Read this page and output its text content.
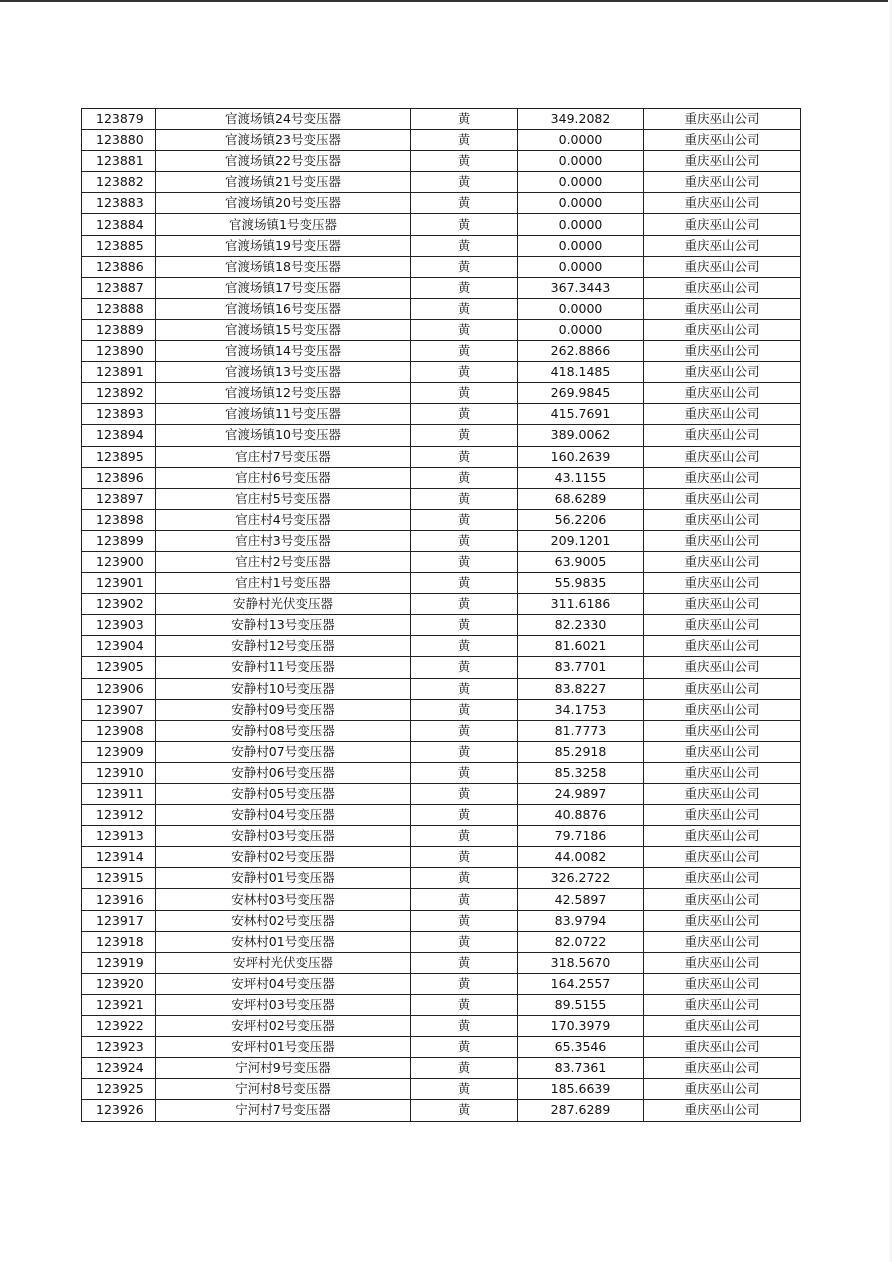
123879	官渡场镇24号变压器	黄	349.2082	重庆巫山公司
123880	官渡场镇23号变压器	黄	0.0000	重庆巫山公司
123881	官渡场镇22号变压器	黄	0.0000	重庆巫山公司
123882	官渡场镇21号变压器	黄	0.0000	重庆巫山公司
123883	官渡场镇20号变压器	黄	0.0000	重庆巫山公司
123884	官渡场镇1号变压器	黄	0.0000	重庆巫山公司
123885	官渡场镇19号变压器	黄	0.0000	重庆巫山公司
123886	官渡场镇18号变压器	黄	0.0000	重庆巫山公司
123887	官渡场镇17号变压器	黄	367.3443	重庆巫山公司
123888	官渡场镇16号变压器	黄	0.0000	重庆巫山公司
123889	官渡场镇15号变压器	黄	0.0000	重庆巫山公司
123890	官渡场镇14号变压器	黄	262.8866	重庆巫山公司
123891	官渡场镇13号变压器	黄	418.1485	重庆巫山公司
123892	官渡场镇12号变压器	黄	269.9845	重庆巫山公司
123893	官渡场镇11号变压器	黄	415.7691	重庆巫山公司
123894	官渡场镇10号变压器	黄	389.0062	重庆巫山公司
123895	官庄村7号变压器	黄	160.2639	重庆巫山公司
123896	官庄村6号变压器	黄	43.1155	重庆巫山公司
123897	官庄村5号变压器	黄	68.6289	重庆巫山公司
123898	官庄村4号变压器	黄	56.2206	重庆巫山公司
123899	官庄村3号变压器	黄	209.1201	重庆巫山公司
123900	官庄村2号变压器	黄	63.9005	重庆巫山公司
123901	官庄村1号变压器	黄	55.9835	重庆巫山公司
123902	安静村光伏变压器	黄	311.6186	重庆巫山公司
123903	安静村13号变压器	黄	82.2330	重庆巫山公司
123904	安静村12号变压器	黄	81.6021	重庆巫山公司
123905	安静村11号变压器	黄	83.7701	重庆巫山公司
123906	安静村10号变压器	黄	83.8227	重庆巫山公司
123907	安静村09号变压器	黄	34.1753	重庆巫山公司
123908	安静村08号变压器	黄	81.7773	重庆巫山公司
123909	安静村07号变压器	黄	85.2918	重庆巫山公司
123910	安静村06号变压器	黄	85.3258	重庆巫山公司
123911	安静村05号变压器	黄	24.9897	重庆巫山公司
123912	安静村04号变压器	黄	40.8876	重庆巫山公司
123913	安静村03号变压器	黄	79.7186	重庆巫山公司
123914	安静村02号变压器	黄	44.0082	重庆巫山公司
123915	安静村01号变压器	黄	326.2722	重庆巫山公司
123916	安林村03号变压器	黄	42.5897	重庆巫山公司
123917	安林村02号变压器	黄	83.9794	重庆巫山公司
123918	安林村01号变压器	黄	82.0722	重庆巫山公司
123919	安坪村光伏变压器	黄	318.5670	重庆巫山公司
123920	安坪村04号变压器	黄	164.2557	重庆巫山公司
123921	安坪村03号变压器	黄	89.5155	重庆巫山公司
123922	安坪村02号变压器	黄	170.3979	重庆巫山公司
123923	安坪村01号变压器	黄	65.3546	重庆巫山公司
123924	宁河村9号变压器	黄	83.7361	重庆巫山公司
123925	宁河村8号变压器	黄	185.6639	重庆巫山公司
123926	宁河村7号变压器	黄	287.6289	重庆巫山公司
